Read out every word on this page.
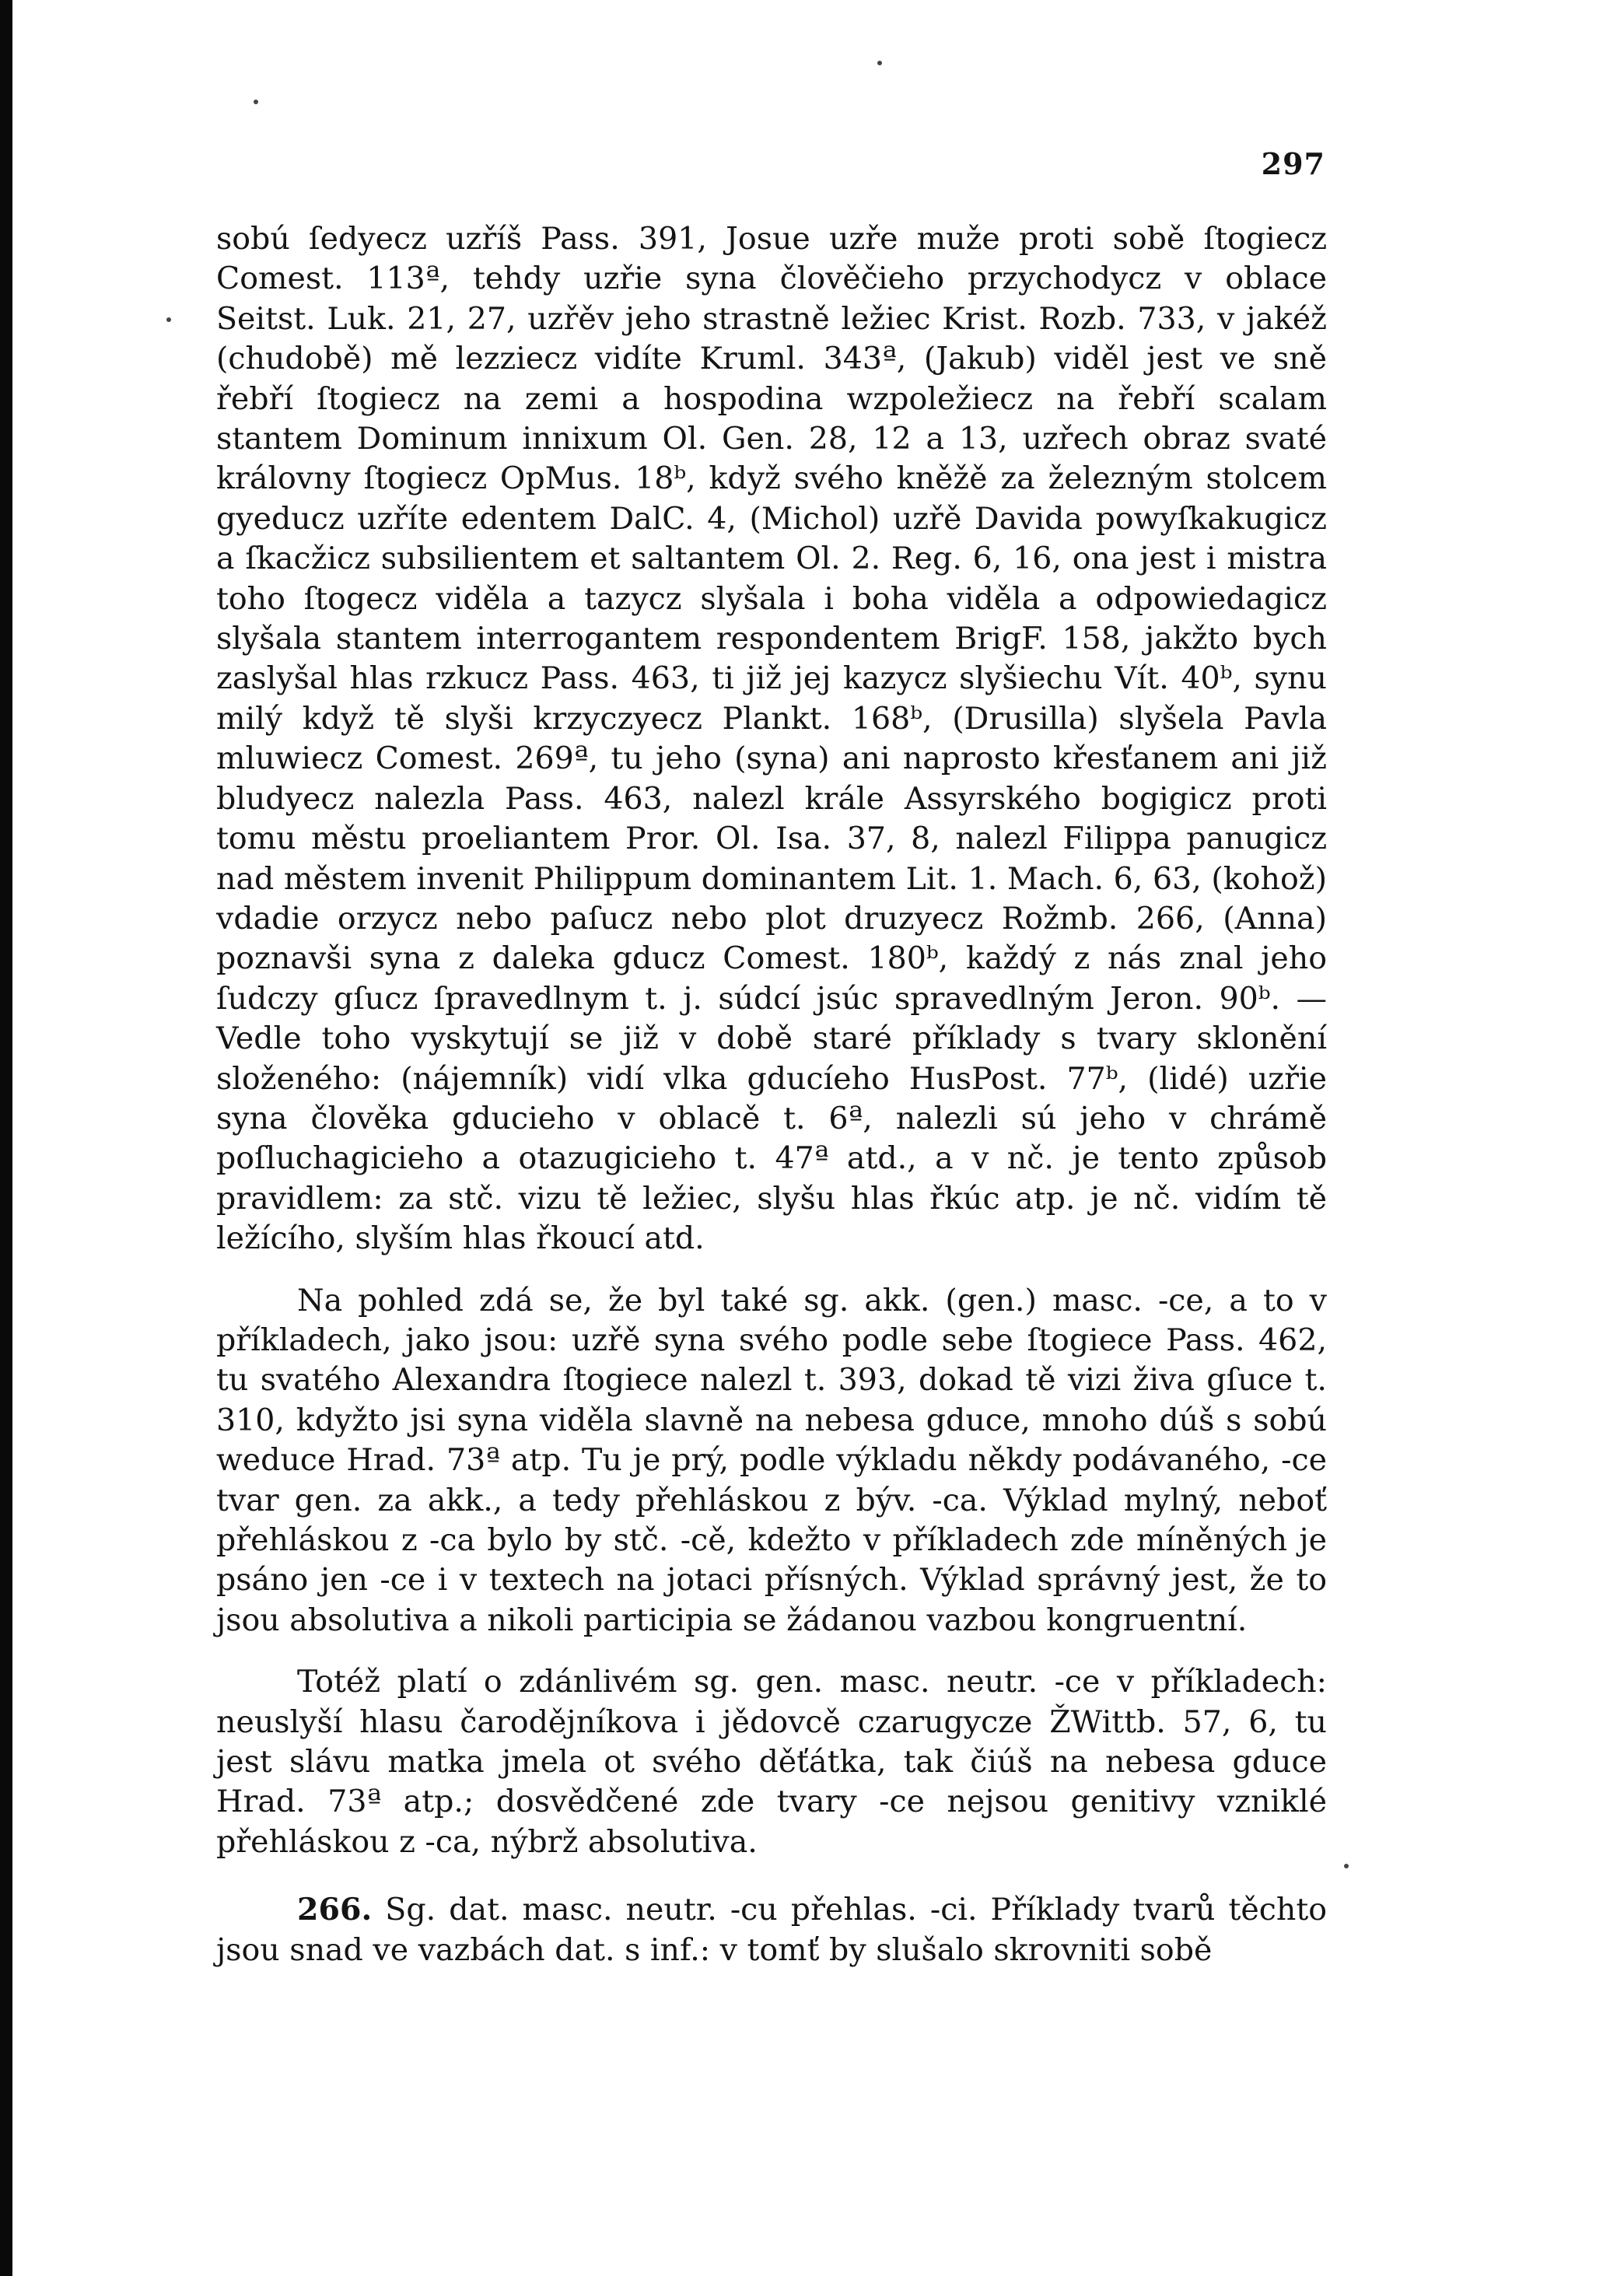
297

sobú ſedyecz uzříš Pass. 391, Josue uzře muže proti sobě ſtogiecz Comest. 113ª, tehdy uzřie syna člověčieho przychodycz v oblace Seitst. Luk. 21, 27, uzřěv jeho strastně ležiec Krist. Rozb. 733, v jakéž (chudobě) mě lezziecz vidíte Kruml. 343ª, (Jakub) viděl jest ve sně řebří ſtogiecz na zemi a hospodina wzpoležiecz na řebří scalam stantem Dominum innixum Ol. Gen. 28, 12 a 13, uzřech obraz svaté královny ſtogiecz OpMus. 18ᵇ, když svého kněžě za železným stolcem gyeducz uzříte edentem DalC. 4, (Michol) uzřě Davida powyſkakugicz a ſkacžicz subsilientem et saltantem Ol. 2. Reg. 6, 16, ona jest i mistra toho ſtogecz viděla a tazycz slyšala i boha viděla a odpowiedagicz slyšala stantem interrogantem respondentem BrigF. 158, jakžto bych zaslyšal hlas rzkucz Pass. 463, ti již jej kazycz slyšiechu Vít. 40ᵇ, synu milý když tě slyši krzyczyecz Plankt. 168ᵇ, (Drusilla) slyšela Pavla mluwiecz Comest. 269ª, tu jeho (syna) ani naprosto křesťanem ani již bludyecz nalezla Pass. 463, nalezl krále Assyrského bogigicz proti tomu městu proeliantem Pror. Ol. Isa. 37, 8, nalezl Filippa panugicz nad městem invenit Philippum dominantem Lit. 1. Mach. 6, 63, (kohož) vdadie orzycz nebo paſucz nebo plot druzyecz Rožmb. 266, (Anna) poznavši syna z daleka gducz Comest. 180ᵇ, každý z nás znal jeho ſudczy gſucz ſpravedlnym t. j. súdcí jsúc spravedlným Jeron. 90ᵇ. — Vedle toho vyskytují se již v době staré příklady s tvary sklonění složeného: (nájemník) vidí vlka gducíeho HusPost. 77ᵇ, (lidé) uzřie syna člověka gducieho v oblacě t. 6ª, nalezli sú jeho v chrámě poſluchagicieho a otazugicieho t. 47ª atd., a v nč. je tento způsob pravidlem: za stč. vizu tě ležiec, slyšu hlas řkúc atp. je nč. vidím tě ležícího, slyším hlas řkoucí atd.

Na pohled zdá se, že byl také sg. akk. (gen.) masc. -ce, a to v příkladech, jako jsou: uzřě syna svého podle sebe ſtogiece Pass. 462, tu svatého Alexandra ſtogiece nalezl t. 393, dokad tě vizi živa gſuce t. 310, kdyžto jsi syna viděla slavně na nebesa gduce, mnoho dúš s sobú weduce Hrad. 73ª atp. Tu je prý, podle výkladu někdy podávaného, -ce tvar gen. za akk., a tedy přehláskou z býv. -ca. Výklad mylný, neboť přehláskou z -ca bylo by stč. -cě, kdežto v příkladech zde míněných je psáno jen -ce i v textech na jotaci přísných. Výklad správný jest, že to jsou absolutiva a nikoli participia se žádanou vazbou kongruentní.

Totéž platí o zdánlivém sg. gen. masc. neutr. -ce v příkladech: neuslyší hlasu čarodějníkova i jědovcě czarugycze ŽWittb. 57, 6, tu jest slávu matka jmela ot svého děťátka, tak čiúš na nebesa gduce Hrad. 73ª atp.; dosvědčené zde tvary -ce nejsou genitivy vzniklé přehláskou z -ca, nýbrž absolutiva.

266. Sg. dat. masc. neutr. -cu přehlas. -ci. Příklady tvarů těchto jsou snad ve vazbách dat. s inf.: v tomť by slušalo skrovniti sobě
